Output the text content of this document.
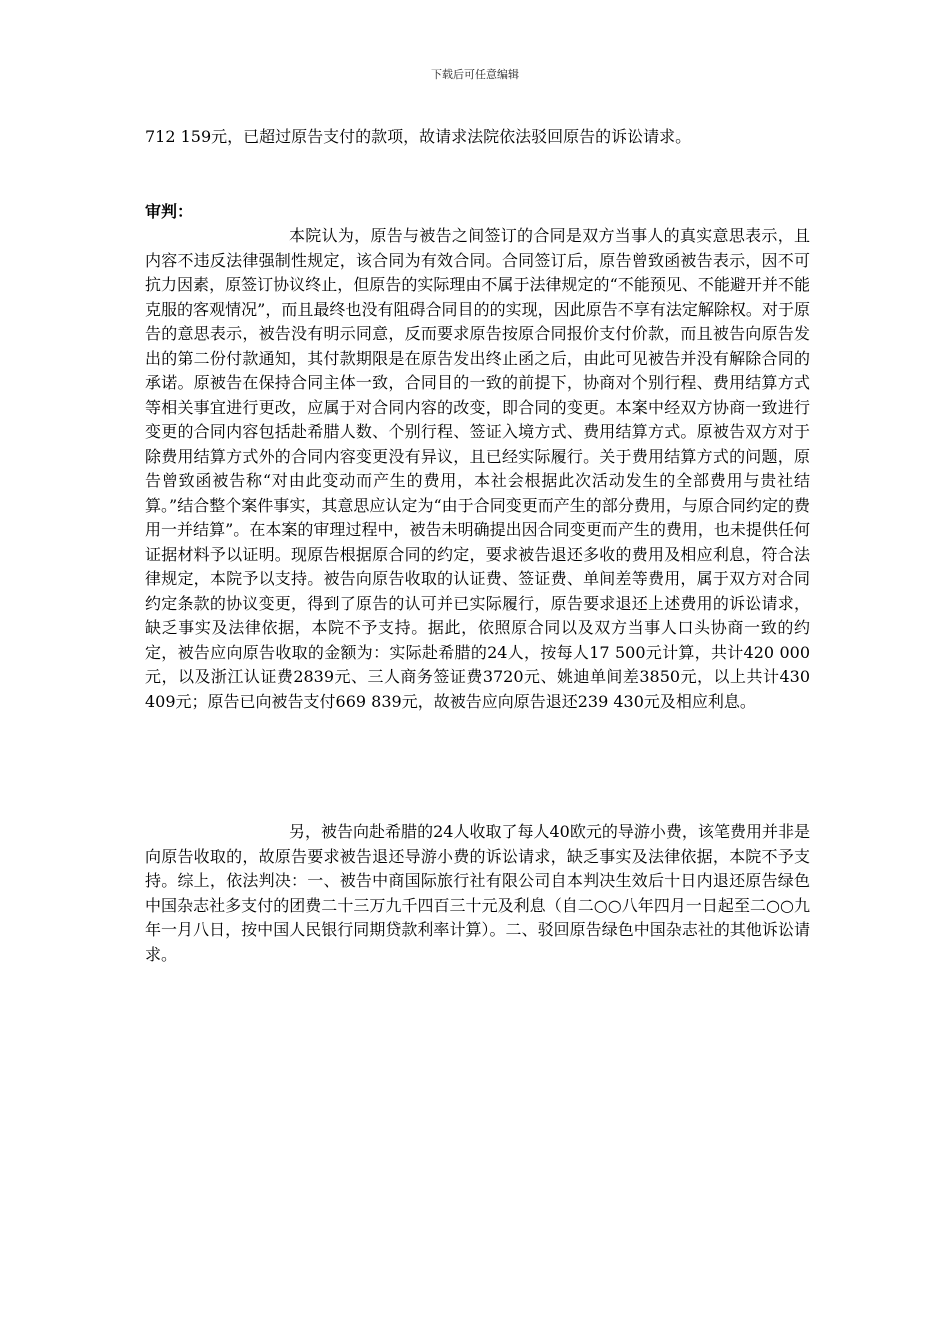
下载后可任意编辑
712 159元，已超过原告支付的款项，故请求法院依法驳回原告的诉讼请求。
审判：
本院认为，原告与被告之间签订的合同是双方当事人的真实意思表示，且内容不违反法律强制性规定，该合同为有效合同。合同签订后，原告曾致函被告表示，因不可抗力因素，原签订协议终止，但原告的实际理由不属于法律规定的“不能预见、不能避开并不能克服的客观情况”，而且最终也没有阻碍合同目的的实现，因此原告不享有法定解除权。对于原告的意思表示，被告没有明示同意，反而要求原告按原合同报价支付价款，而且被告向原告发出的第二份付款通知，其付款期限是在原告发出终止函之后，由此可见被告并没有解除合同的承诺。原被告在保持合同主体一致，合同目的一致的前提下，协商对个别行程、费用结算方式等相关事宜进行更改，应属于对合同内容的改变，即合同的变更。本案中经双方协商一致进行变更的合同内容包括赴希腊人数、个别行程、签证入境方式、费用结算方式。原被告双方对于除费用结算方式外的合同内容变更没有异议，且已经实际履行。关于费用结算方式的问题，原告曾致函被告称“对由此变动而产生的费用，本社会根据此次活动发生的全部费用与贵社结算。”结合整个案件事实，其意思应认定为“由于合同变更而产生的部分费用，与原合同约定的费用一并结算”。在本案的审理过程中，被告未明确提出因合同变更而产生的费用，也未提供任何证据材料予以证明。现原告根据原合同的约定，要求被告退还多收的费用及相应利息，符合法律规定，本院予以支持。被告向原告收取的认证费、签证费、单间差等费用，属于双方对合同约定条款的协议变更，得到了原告的认可并已实际履行，原告要求退还上述费用的诉讼请求，缺乏事实及法律依据，本院不予支持。据此，依照原合同以及双方当事人口头协商一致的约定，被告应向原告收取的金额为：实际赴希腊的24人，按每人17 500元计算，共计420 000元，以及浙江认证费2839元、三人商务签证费3720元、姚迪单间差3850元，以上共计430 409元；原告已向被告支付669 839元，故被告应向原告退还239 430元及相应利息。
另，被告向赴希腊的24人收取了每人40欧元的导游小费，该笔费用并非是向原告收取的，故原告要求被告退还导游小费的诉讼请求，缺乏事实及法律依据，本院不予支持。综上，依法判决：一、被告中商国际旅行社有限公司自本判决生效后十日内退还原告绿色中国杂志社多支付的团费二十三万九千四百三十元及利息（自二○○八年四月一日起至二○○九年一月八日，按中国人民银行同期贷款利率计算）。二、驳回原告绿色中国杂志社的其他诉讼请求。
